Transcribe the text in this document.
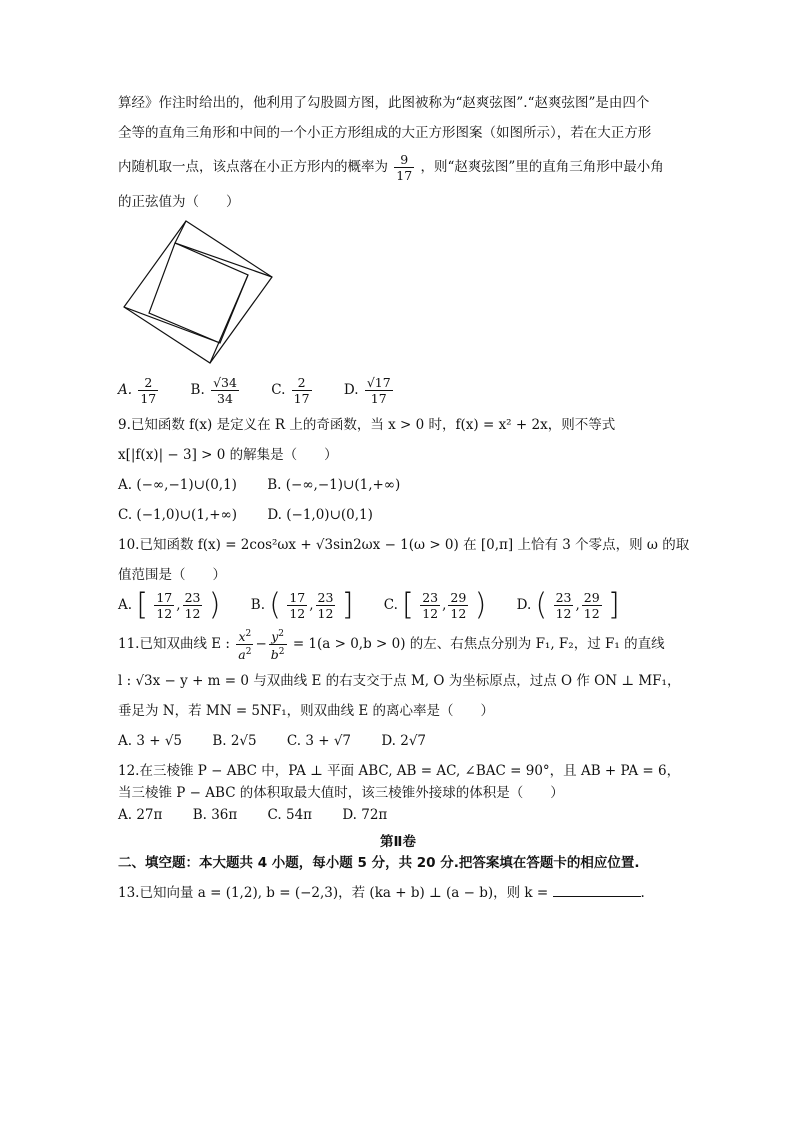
算经》作注时给出的，他利用了勾股圆方图，此图被称为“赵爽弦图”.“赵爽弦图”是由四个
全等的直角三角形和中间的一个小正方形组成的大正方形图案（如图所示），若在大正方形
内随机取一点，该点落在小正方形内的概率为 $\frac{9}{17}$ ，则“赵爽弦图”里的直角三角形中最小角
的正弦值为（　　）
A. $\frac{2}{17} B$. $\frac{√34}{34} C$. $\frac{2}{17} D$. $\frac{√17}{17}$
9.已知函数 f(x) 是定义在 R 上的奇函数，当 x > 0 时，f(x) = x² + 2x，则不等式
x[|f(x)| − 3] > 0 的解集是（　　）
A. (−∞,−1)∪(0,1) B. (−∞,−1)∪(1,+∞)
C. (−1,0)∪(1,+∞) D. (−1,0)∪(0,1)
10.已知函数 f(x) = 2cos²ωx + √3sin2ωx − 1(ω > 0) 在 [0,π] 上恰有 3 个零点，则 ω 的取
值范围是（　　）
A. [ $\frac{17}{12}$ , $\frac{23}{12}$ ) B. ( $\frac{17}{12}$ , $\frac{23}{12}$ ] C. [ $\frac{23}{12}$ , $\frac{29}{12}$ ) D. ( $\frac{23}{12}$ , $\frac{29}{12}$ ]
11.已知双曲线 E : $\frac{x^2}{a^2} - \frac{y^2}{b^2} = 1(a > 0,b > 0)$ 的左、右焦点分别为 F₁, F₂，过 F₁ 的直线
l : √3x − y + m = 0 与双曲线 E 的右支交于点 M, O 为坐标原点，过点 O 作 ON ⊥ MF₁，
垂足为 N，若 MN = 5NF₁，则双曲线 E 的离心率是（　　）
A. 3 + √5 B. 2√5 C. 3 + √7 D. 2√7
12.在三棱锥 P − ABC 中，PA ⊥ 平面 ABC, AB = AC, ∠BAC = 90°，且 AB + PA = 6，
当三棱锥 P − ABC 的体积取最大值时，该三棱锥外接球的体积是（　　）
A. 27π B. 36π C. 54π D. 72π
第Ⅱ卷
二、填空题：本大题共 4 小题，每小题 5 分，共 20 分.把答案填在答题卡的相应位置.
13.已知向量 a = (1,2), b = (−2,3)，若 (ka + b) ⊥ (a − b)，则 k =	.
